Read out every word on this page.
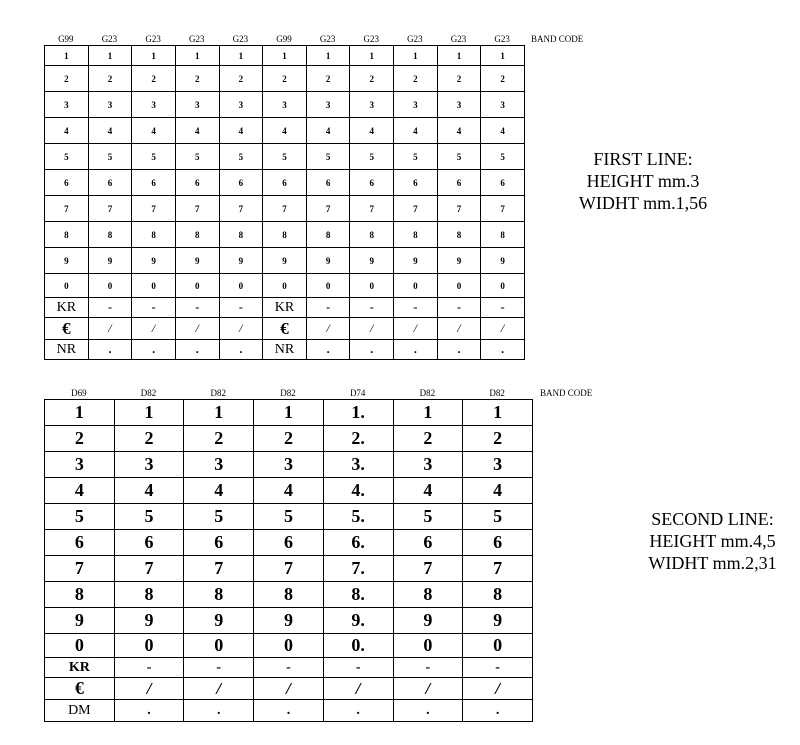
G99	G23	G23	G23	G23	G99	G23	G23	G23	G23	G23	BAND CODE
1	1	1	1	1	1	1	1	1	1	1
2	2	2	2	2	2	2	2	2	2	2
3	3	3	3	3	3	3	3	3	3	3
4	4	4	4	4	4	4	4	4	4	4
5	5	5	5	5	5	5	5	5	5	5
6	6	6	6	6	6	6	6	6	6	6
7	7	7	7	7	7	7	7	7	7	7
8	8	8	8	8	8	8	8	8	8	8
9	9	9	9	9	9	9	9	9	9	9
0	0	0	0	0	0	0	0	0	0	0
KR	-	-	-	-	KR	-	-	-	-	-
€	/	/	/	/	€	/	/	/	/	/
NR	.	.	.	.	NR	.	.	.	.	.
FIRST LINE:
HEIGHT mm.3
WIDHT mm.1,56
D69	D82	D82	D82	D74	D82	D82	BAND CODE
1	1	1	1	1.	1	1
2	2	2	2	2.	2	2
3	3	3	3	3.	3	3
4	4	4	4	4.	4	4
5	5	5	5	5.	5	5
6	6	6	6	6.	6	6
7	7	7	7	7.	7	7
8	8	8	8	8.	8	8
9	9	9	9	9.	9	9
0	0	0	0	0.	0	0
KR	-	-	-	-	-	-
€	/	/	/	/	/	/
DM	.	.	.	.	.	.
SECOND LINE:
HEIGHT mm.4,5
WIDHT mm.2,31
